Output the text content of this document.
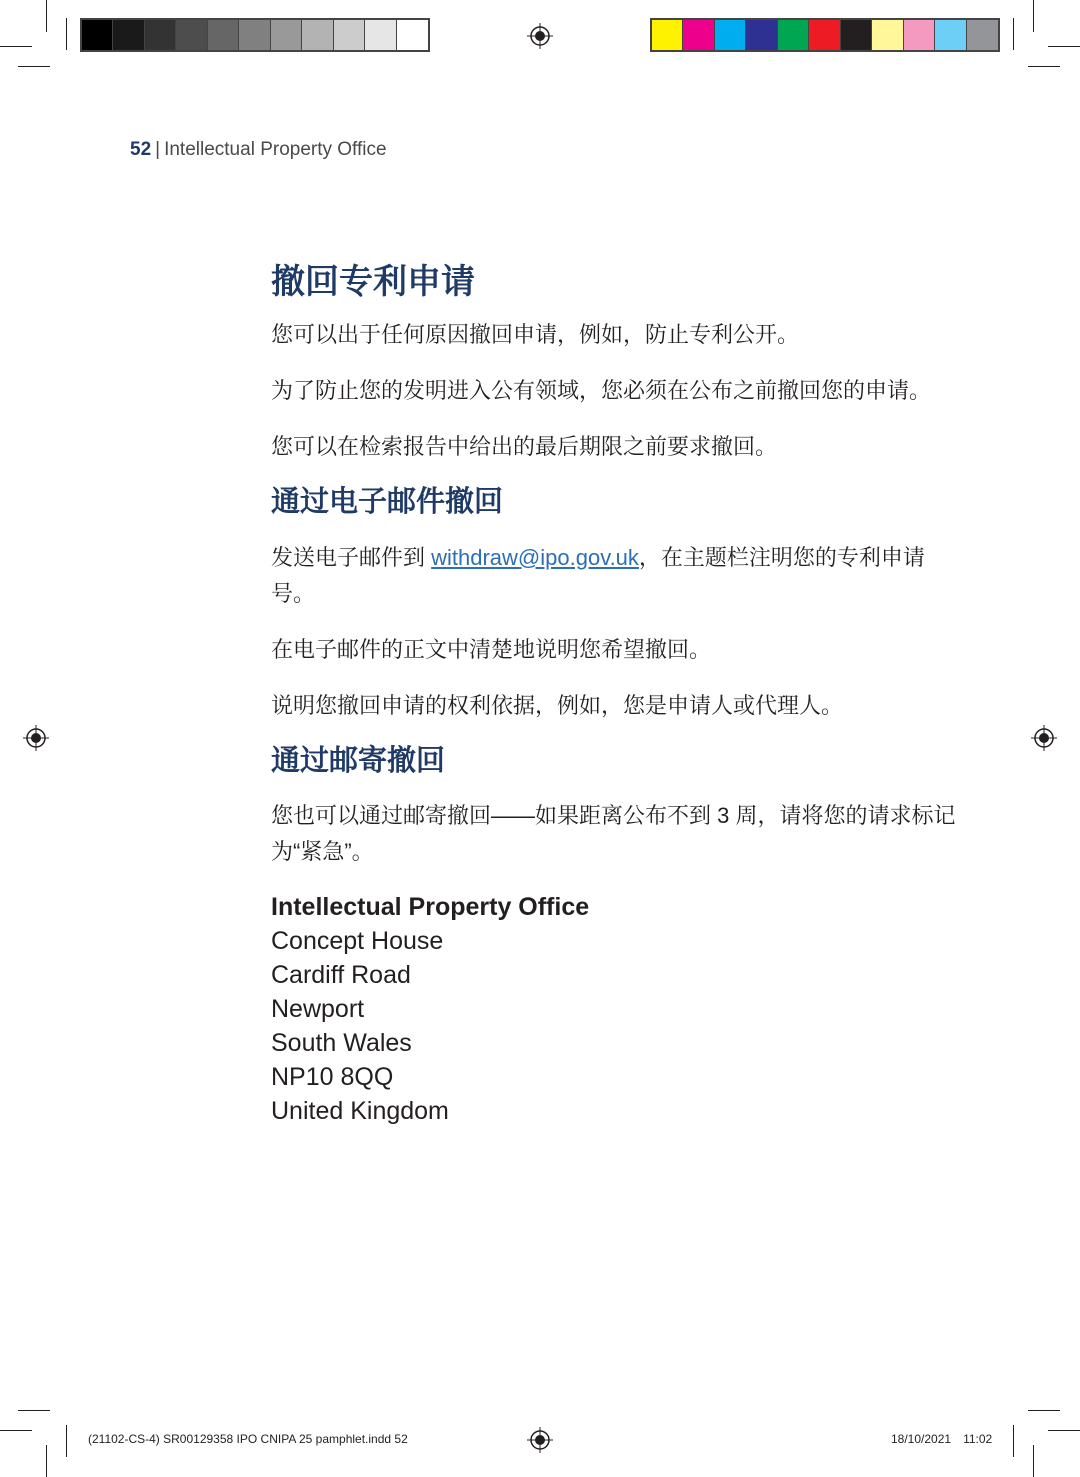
52 | Intellectual Property Office
撤回专利申请

您可以出于任何原因撤回申请，例如，防止专利公开。

为了防止您的发明进入公有领域，您必须在公布之前撤回您的申请。

您可以在检索报告中给出的最后期限之前要求撤回。

通过电子邮件撤回

发送电子邮件到 withdraw@ipo.gov.uk，在主题栏注明您的专利申请号。

在电子邮件的正文中清楚地说明您希望撤回。

说明您撤回申请的权利依据，例如，您是申请人或代理人。

通过邮寄撤回

您也可以通过邮寄撤回——如果距离公布不到 3 周，请将您的请求标记为“紧急”。

Intellectual Property Office
Concept House
Cardiff Road
Newport
South Wales
NP10 8QQ
United Kingdom
(21102-CS-4) SR00129358 IPO CNIPA 25 pamphlet.indd 52	18/10/2021 11:02
